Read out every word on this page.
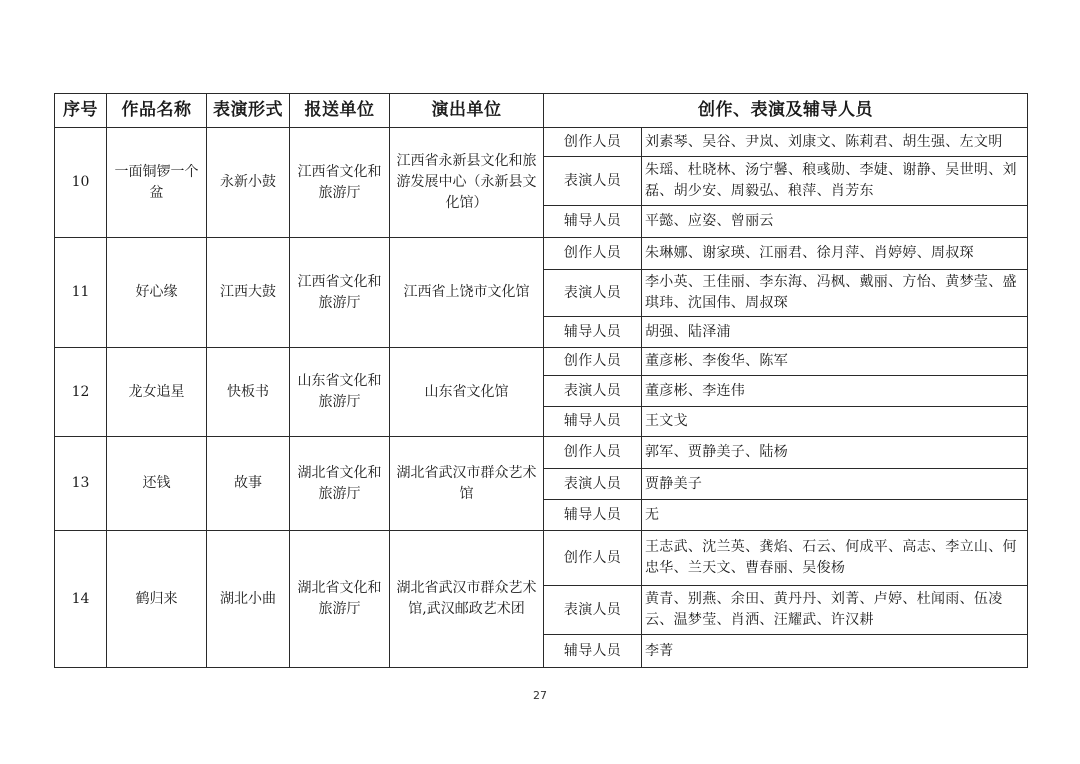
序号	作品名称	表演形式	报送单位	演出单位	创作、表演及辅导人员	
10	一面铜锣一个盆	永新小鼓	江西省文化和旅游厅	江西省永新县文化和旅游发展中心（永新县文化馆）	创作人员	刘素琴、吴谷、尹岚、刘康文、陈莉君、胡生强、左文明
					表演人员	朱瑶、杜晓林、汤宁馨、稂彧勋、李婕、谢静、吴世明、刘磊、胡少安、周毅弘、稂萍、肖芳东
					辅导人员	平懿、应姿、曾丽云
11	好心缘	江西大鼓	江西省文化和旅游厅	江西省上饶市文化馆	创作人员	朱琳娜、谢家瑛、江丽君、徐月萍、肖婷婷、周叔琛
					表演人员	李小英、王佳丽、李东海、冯枫、戴丽、方怡、黄梦莹、盛琪玮、沈国伟、周叔琛
					辅导人员	胡强、陆泽浦
12	龙女追星	快板书	山东省文化和旅游厅	山东省文化馆	创作人员	董彦彬、李俊华、陈军
					表演人员	董彦彬、李连伟
					辅导人员	王文戈
13	还钱	故事	湖北省文化和旅游厅	湖北省武汉市群众艺术馆	创作人员	郭军、贾静美子、陆杨
					表演人员	贾静美子
					辅导人员	无
14	鹤归来	湖北小曲	湖北省文化和旅游厅	湖北省武汉市群众艺术馆,武汉邮政艺术团	创作人员	王志武、沈兰英、龚焰、石云、何成平、高志、李立山、何忠华、兰天文、曹春丽、吴俊杨
					表演人员	黄青、别燕、余田、黄丹丹、刘菁、卢婷、杜闻雨、伍凌云、温梦莹、肖洒、汪耀武、许汉耕
					辅导人员	李菁
27
